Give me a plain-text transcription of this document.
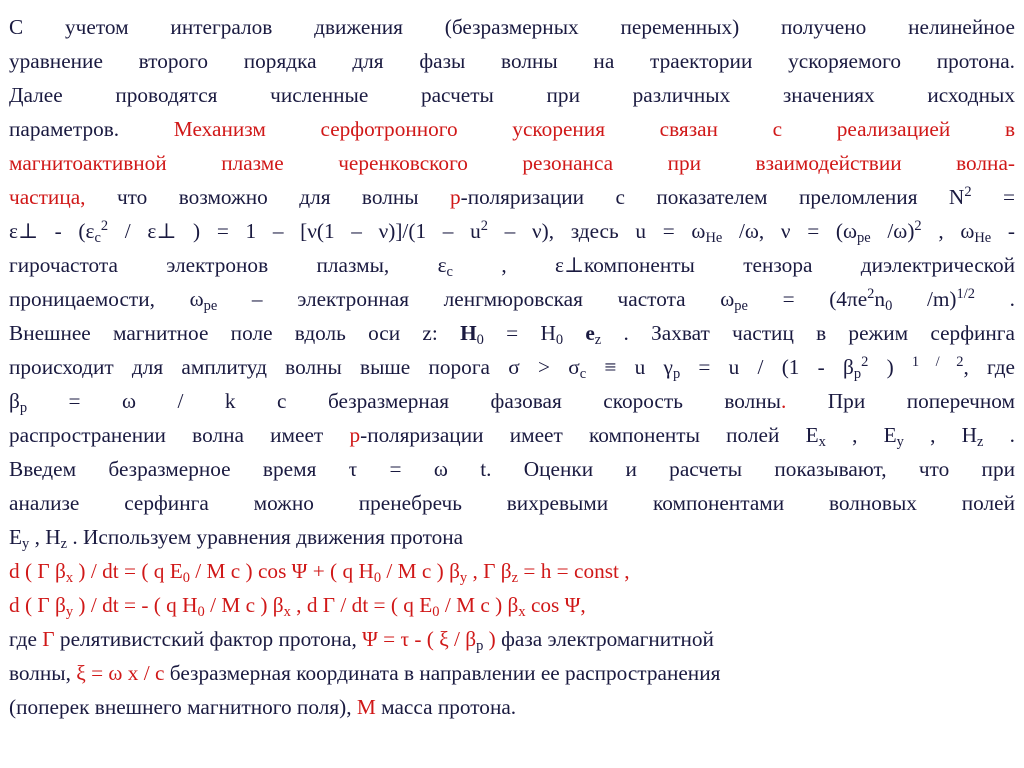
С учетом интегралов движения (безразмерных переменных) получено нелинейное
уравнение второго порядка для фазы волны на траектории ускоряемого протона.
Далее проводятся численные расчеты при различных значениях исходных
параметров. Механизм серфотронного ускорения связан с реализацией в
магнитоактивной плазме черенковского резонанса при взаимодействии волна-
частица, что возможно для волны p-поляризации с показателем преломления $N^2$ =
ε⊥ - ($\varepsilon_c^2$ / ε⊥ ) = $1 - [\nu(1 - \nu)]/(1 - u^2 - \nu)$, здесь $u = \omega_{He}$ /ω, $\nu = (\omega_{pe}$ /ω)$^2$ , $\omega_{He}$ -
гирочастота электронов плазмы, $\varepsilon_c$ , ε⊥компоненты тензора диэлектрической
проницаемости, $\omega_{pe}$ – электронная ленгмюровская частота $\omega_{pe} = (4\pi e^2n_0$ /m)$^{1/2}$ .
Внешнее магнитное поле вдоль оси z: $H_0 = H_0$ $e_z$ . Захват частиц в режим серфинга
происходит для амплитуд волны выше порога $\sigma > \sigma_c \equiv u$ $\gamma_p = u / (1 - \beta_p^2$ ) $^{1 / 2}$, где
$\beta_p = \omega / k$ c безразмерная фазовая скорость волны. При поперечном
распространении волна имеет p-поляризации имеет компоненты полей $E_x$ , $E_y$ , $H_z$ .
Введем безразмерное время τ = ω t. Оценки и расчеты показывают, что при
анализе серфинга можно пренебречь вихревыми компонентами волновых полей
$E_y$ , $H_z$ . Используем уравнения движения протона
d ( Γ $\beta_x$ ) / dt = ( q $E_0$ / M c ) cos Ψ + ( q $H_0$ / M c ) $\beta_y$ , Γ $\beta_z = h$ = const ,
d ( Γ $\beta_y$ ) / dt = - ( q $H_0$ / M c ) $\beta_x$ , d Γ / dt = ( q $E_0$ / M c ) $\beta_x$ cos Ψ,
где Γ релятивистский фактор протона, Ψ = τ - ( ξ / $\beta_p$ ) фаза электромагнитной
волны, ξ = ω x / c безразмерная координата в направлении ее распространения
(поперек внешнего магнитного поля), M масса протона.
